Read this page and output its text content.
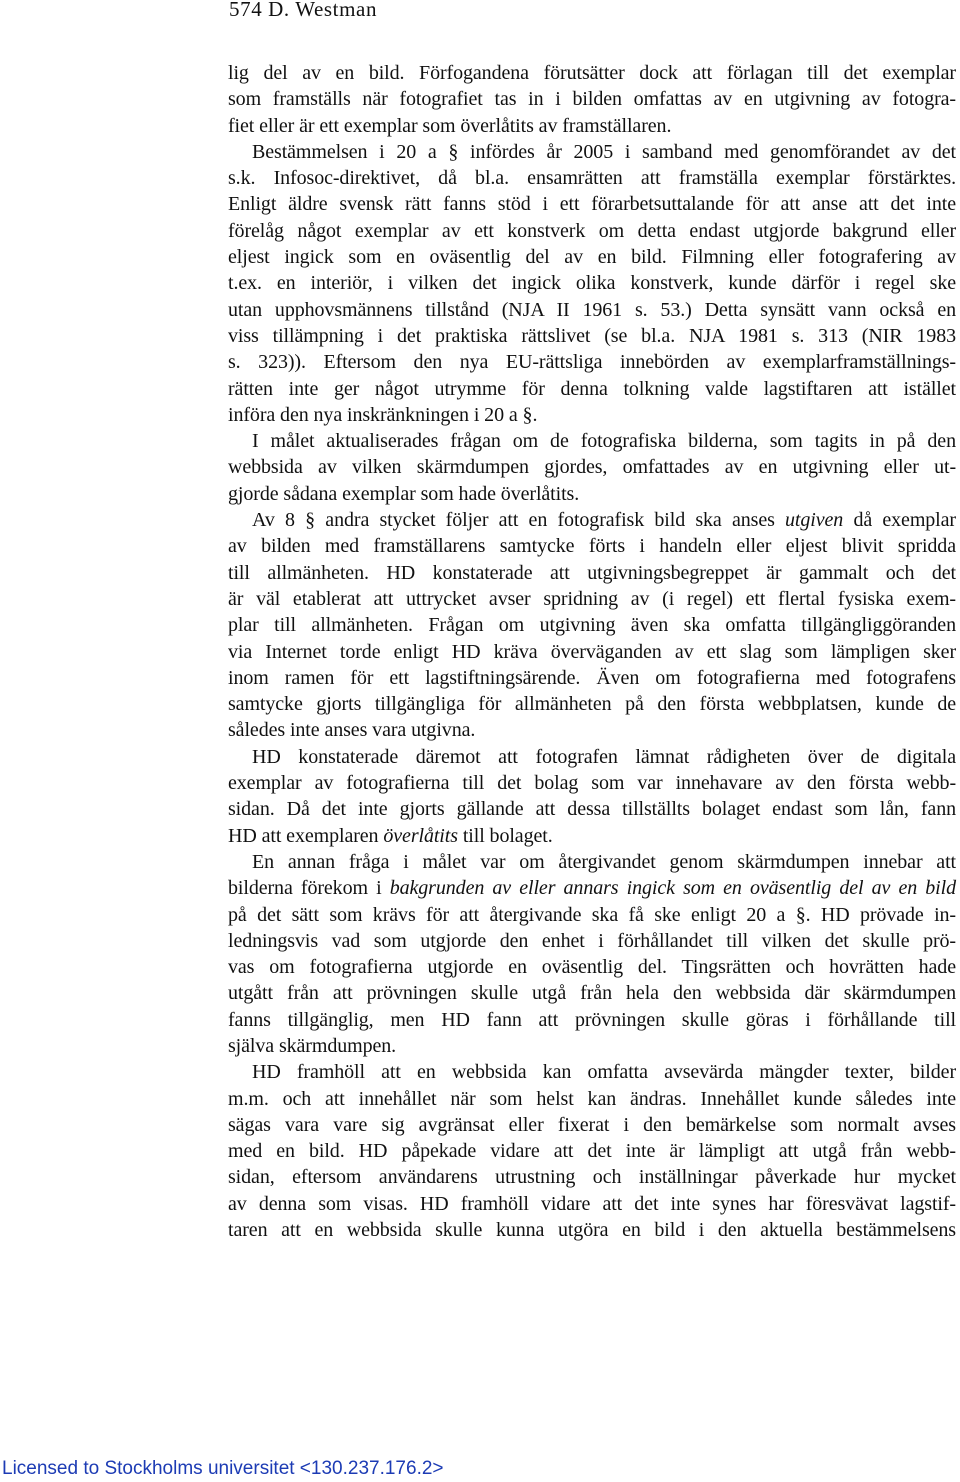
574 D. Westman

lig del av en bild. Förfogandena förutsätter dock att förlagan till det exemplar

som framställs när fotografiet tas in i bilden omfattas av en utgivning av fotogra-

fiet eller är ett exemplar som överlåtits av framställaren.

Bestämmelsen i 20 a § infördes år 2005 i samband med genomförandet av det

s.k. Infosoc-direktivet, då bl.a. ensamrätten att framställa exemplar förstärktes.

Enligt äldre svensk rätt fanns stöd i ett förarbetsuttalande för att anse att det inte

förelåg något exemplar av ett konstverk om detta endast utgjorde bakgrund eller

eljest ingick som en oväsentlig del av en bild. Filmning eller fotografering av

t.ex. en interiör, i vilken det ingick olika konstverk, kunde därför i regel ske

utan upphovsmännens tillstånd (NJA II 1961 s. 53.) Detta synsätt vann också en

viss tillämpning i det praktiska rättslivet (se bl.a. NJA 1981 s. 313 (NIR 1983

s. 323)). Eftersom den nya EU-rättsliga innebörden av exemplarframställnings-

rätten inte ger något utrymme för denna tolkning valde lagstiftaren att istället

införa den nya inskränkningen i 20 a §.

I målet aktualiserades frågan om de fotografiska bilderna, som tagits in på den

webbsida av vilken skärmdumpen gjordes, omfattades av en utgivning eller ut-

gjorde sådana exemplar som hade överlåtits.

Av 8 § andra stycket följer att en fotografisk bild ska anses utgiven då exemplar

av bilden med framställarens samtycke förts i handeln eller eljest blivit spridda

till allmänheten. HD konstaterade att utgivningsbegreppet är gammalt och det

är väl etablerat att uttrycket avser spridning av (i regel) ett flertal fysiska exem-

plar till allmänheten. Frågan om utgivning även ska omfatta tillgängliggöranden

via Internet torde enligt HD kräva överväganden av ett slag som lämpligen sker

inom ramen för ett lagstiftningsärende. Även om fotografierna med fotografens

samtycke gjorts tillgängliga för allmänheten på den första webbplatsen, kunde de

således inte anses vara utgivna.

HD konstaterade däremot att fotografen lämnat rådigheten över de digitala

exemplar av fotografierna till det bolag som var innehavare av den första webb-

sidan. Då det inte gjorts gällande att dessa tillställts bolaget endast som lån, fann

HD att exemplaren överlåtits till bolaget.

En annan fråga i målet var om återgivandet genom skärmdumpen innebar att

bilderna förekom i bakgrunden av eller annars ingick som en oväsentlig del av en bild

på det sätt som krävs för att återgivande ska få ske enligt 20 a §. HD prövade in-

ledningsvis vad som utgjorde den enhet i förhållandet till vilken det skulle prö-

vas om fotografierna utgjorde en oväsentlig del. Tingsrätten och hovrätten hade

utgått från att prövningen skulle utgå från hela den webbsida där skärmdumpen

fanns tillgänglig, men HD fann att prövningen skulle göras i förhållande till

själva skärmdumpen.

HD framhöll att en webbsida kan omfatta avsevärda mängder texter, bilder

m.m. och att innehållet när som helst kan ändras. Innehållet kunde således inte

sägas vara vare sig avgränsat eller fixerat i den bemärkelse som normalt avses

med en bild. HD påpekade vidare att det inte är lämpligt att utgå från webb-

sidan, eftersom användarens utrustning och inställningar påverkade hur mycket

av denna som visas. HD framhöll vidare att det inte synes har föresvävat lagstif-

taren att en webbsida skulle kunna utgöra en bild i den aktuella bestämmelsens

Licensed to Stockholms universitet <130.237.176.2>
